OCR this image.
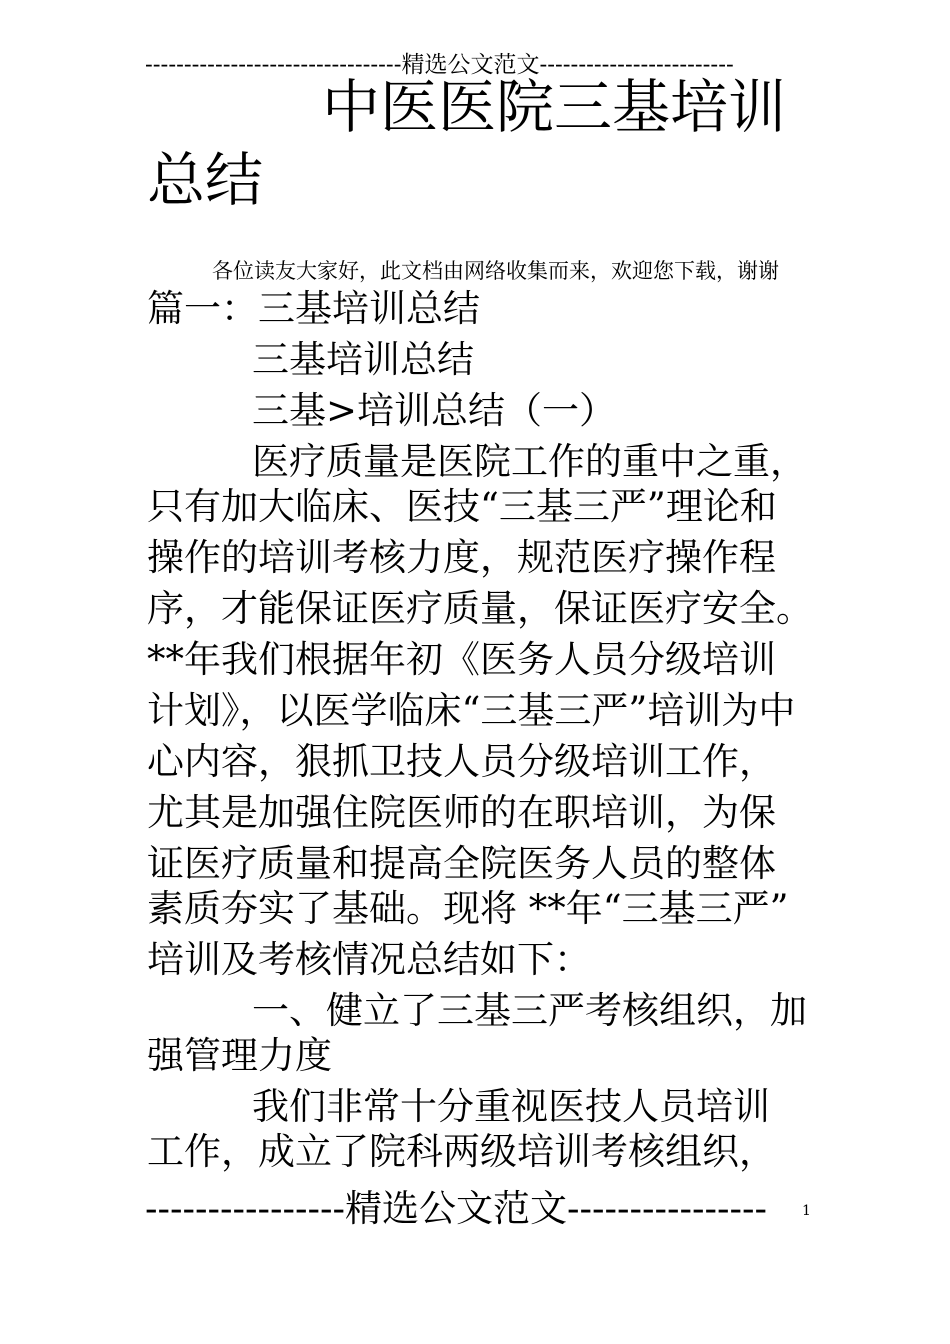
---------------------------------精选公文范文-------------------------
中医医院三基培训
总结

各位读友大家好，此文档由网络收集而来，欢迎您下载，谢谢

篇一：三基培训总结

三基培训总结

三基>培训总结（一）

医疗质量是医院工作的重中之重，

只有加大临床、医技“三基三严”理论和

操作的培训考核力度，规范医疗操作程

序，才能保证医疗质量，保证医疗安全。

**年我们根据年初《医务人员分级培训

计划》，以医学临床“三基三严”培训为中

心内容，狠抓卫技人员分级培训工作，

尤其是加强住院医师的在职培训，为保

证医疗质量和提高全院医务人员的整体

素质夯实了基础。现将 **年“三基三严”

培训及考核情况总结如下：

一、健立了三基三严考核组织，加

强管理力度

我们非常十分重视医技人员培训

工作，成立了院科两级培训考核组织，

----------------精选公文范文----------------	1
